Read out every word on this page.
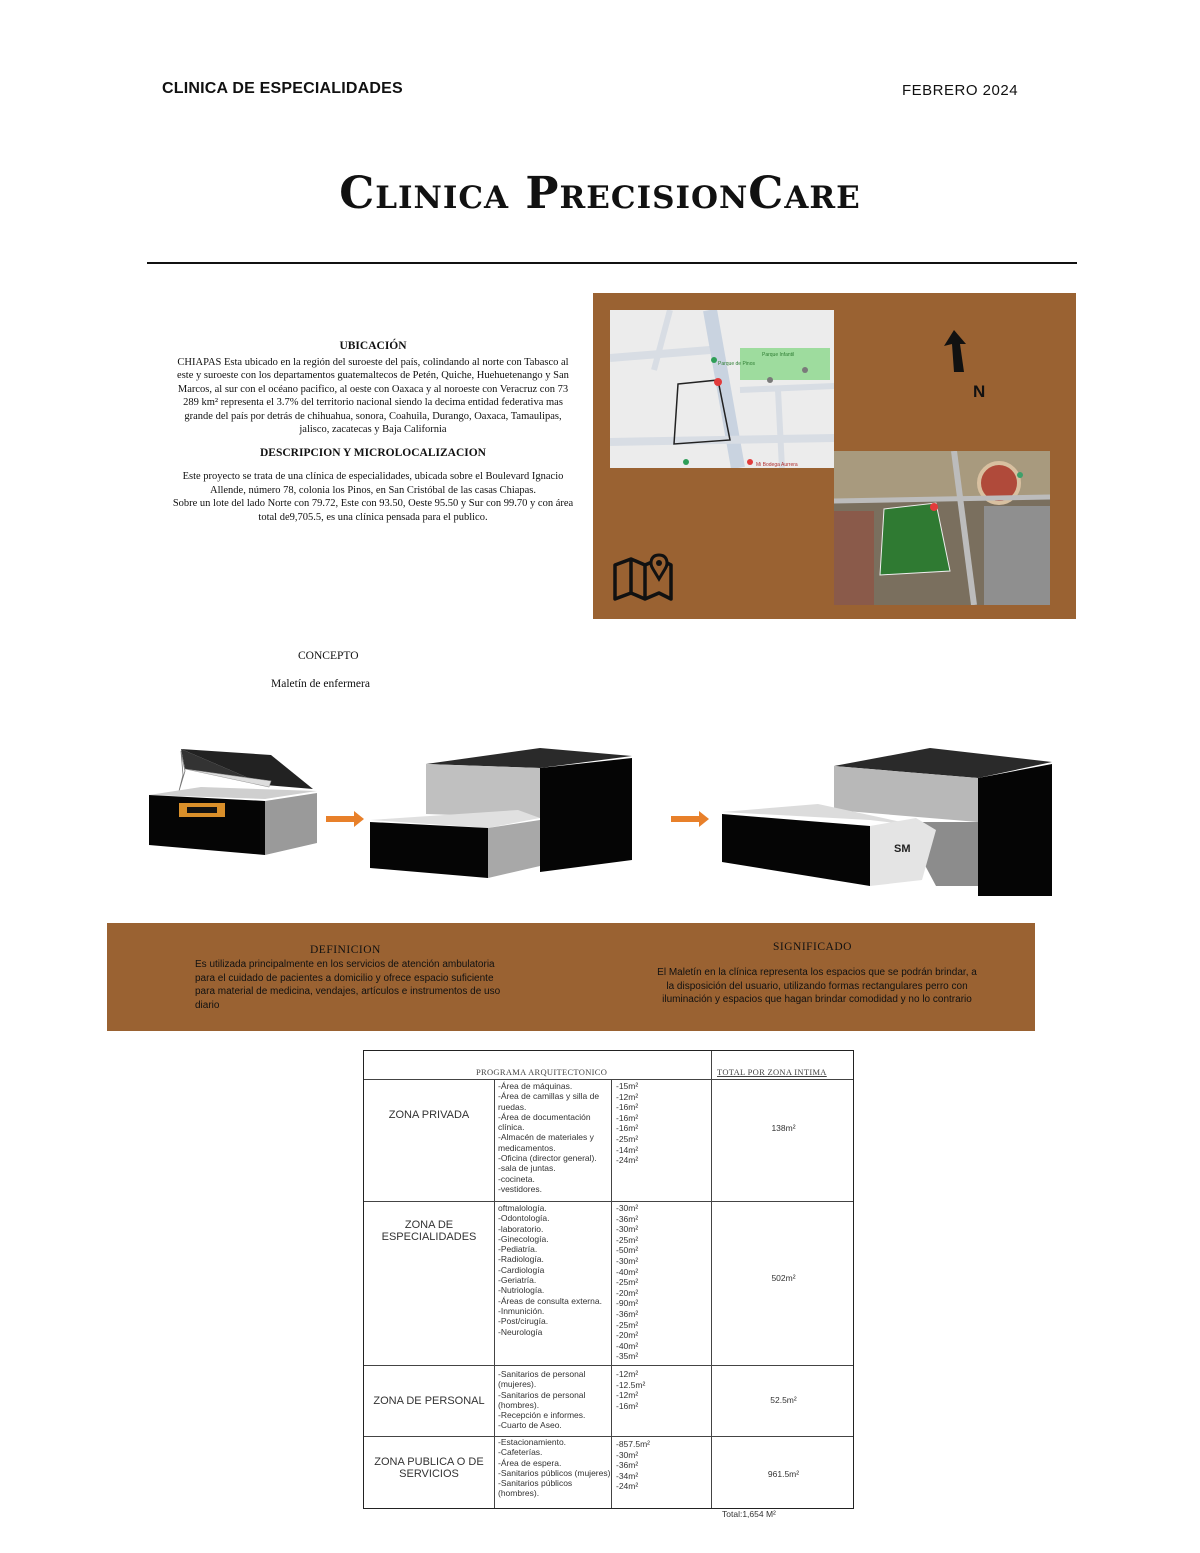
CLINICA DE ESPECIALIDADES	FEBRERO 2024
Clinica PrecisionCare
UBICACIÓN

CHIAPAS Esta ubicado en la región del suroeste del país, colindando al norte con Tabasco al este y suroeste con los departamentos guatemaltecos de Petén, Quiche, Huehuetenango y San Marcos, al sur con el océano pacifico, al oeste con Oaxaca y al noroeste con Veracruz con 73 289 km² representa el 3.7% del territorio nacional siendo la decima entidad federativa mas grande del país por detrás de chihuahua, sonora, Coahuila, Durango, Oaxaca, Tamaulipas, jalisco, zacatecas y Baja California

DESCRIPCION Y MICROLOCALIZACION

Este proyecto se trata de una clínica de especialidades, ubicada sobre el Boulevard Ignacio Allende, número 78, colonia los Pinos, en San Cristóbal de las casas Chiapas.

Sobre un lote del lado Norte con 79.72, Este con 93.50, Oeste 95.50 y Sur con 99.70 y con área total de9,705.5, es una clínica pensada para el publico.

Parque de Pinos
Parque Infantil
Mi Bodega Aurrera
N
CONCEPTO
Maletín de enfermera
SM
DEFINICION
Es utilizada principalmente en los servicios de atención ambulatoria para el cuidado de pacientes a domicilio y ofrece espacio suficiente para material de medicina, vendajes, artículos e instrumentos de uso diario
SIGNIFICADO
El Maletín en la clínica representa los espacios que se podrán brindar, a la disposición del usuario, utilizando formas rectangulares perro con iluminación y espacios que hagan brindar comodidad y no lo contrario
PROGRAMA ARQUITECTONICO	TOTAL POR ZONA INTIMA
ZONA PRIVADA
-Área de máquinas.
-Área de camillas y silla de ruedas.
-Área de documentación clínica.
-Almacén de materiales y medicamentos.
-Oficina (director general).
-sala de juntas.
-cocineta.
-vestidores.
-15m²
-12m²
-16m²
-16m²
-16m²
-25m²
-14m²
-24m²
138m²
ZONA DE ESPECIALIDADES
oftmalología.
-Odontología.
-laboratorio.
-Ginecología.
-Pediatría.
-Radiología.
-Cardiología
-Geriatría.
-Nutriología.
-Áreas de consulta externa.
-Inmunición.
-Post/cirugía.
-Neurología
-30m²
-36m²
-30m²
-25m²
-50m²
-30m²
-40m²
-25m²
-20m²
-90m²
-36m²
-25m²
-20m²
-40m²
-35m²
502m²
ZONA DE PERSONAL
-Sanitarios de personal (mujeres).
-Sanitarios de personal (hombres).
-Recepción e informes.
-Cuarto de Aseo.
-12m²
-12.5m²
-12m²
-16m²
52.5m²
ZONA PUBLICA O DE SERVICIOS
-Estacionamiento.
-Cafeterías.
-Área de espera.
-Sanitarios públicos (mujeres)
-Sanitarios públicos (hombres).
-857.5m²
-30m²
-36m²
-34m²
-24m²
961.5m²
Total:1,654 M²
